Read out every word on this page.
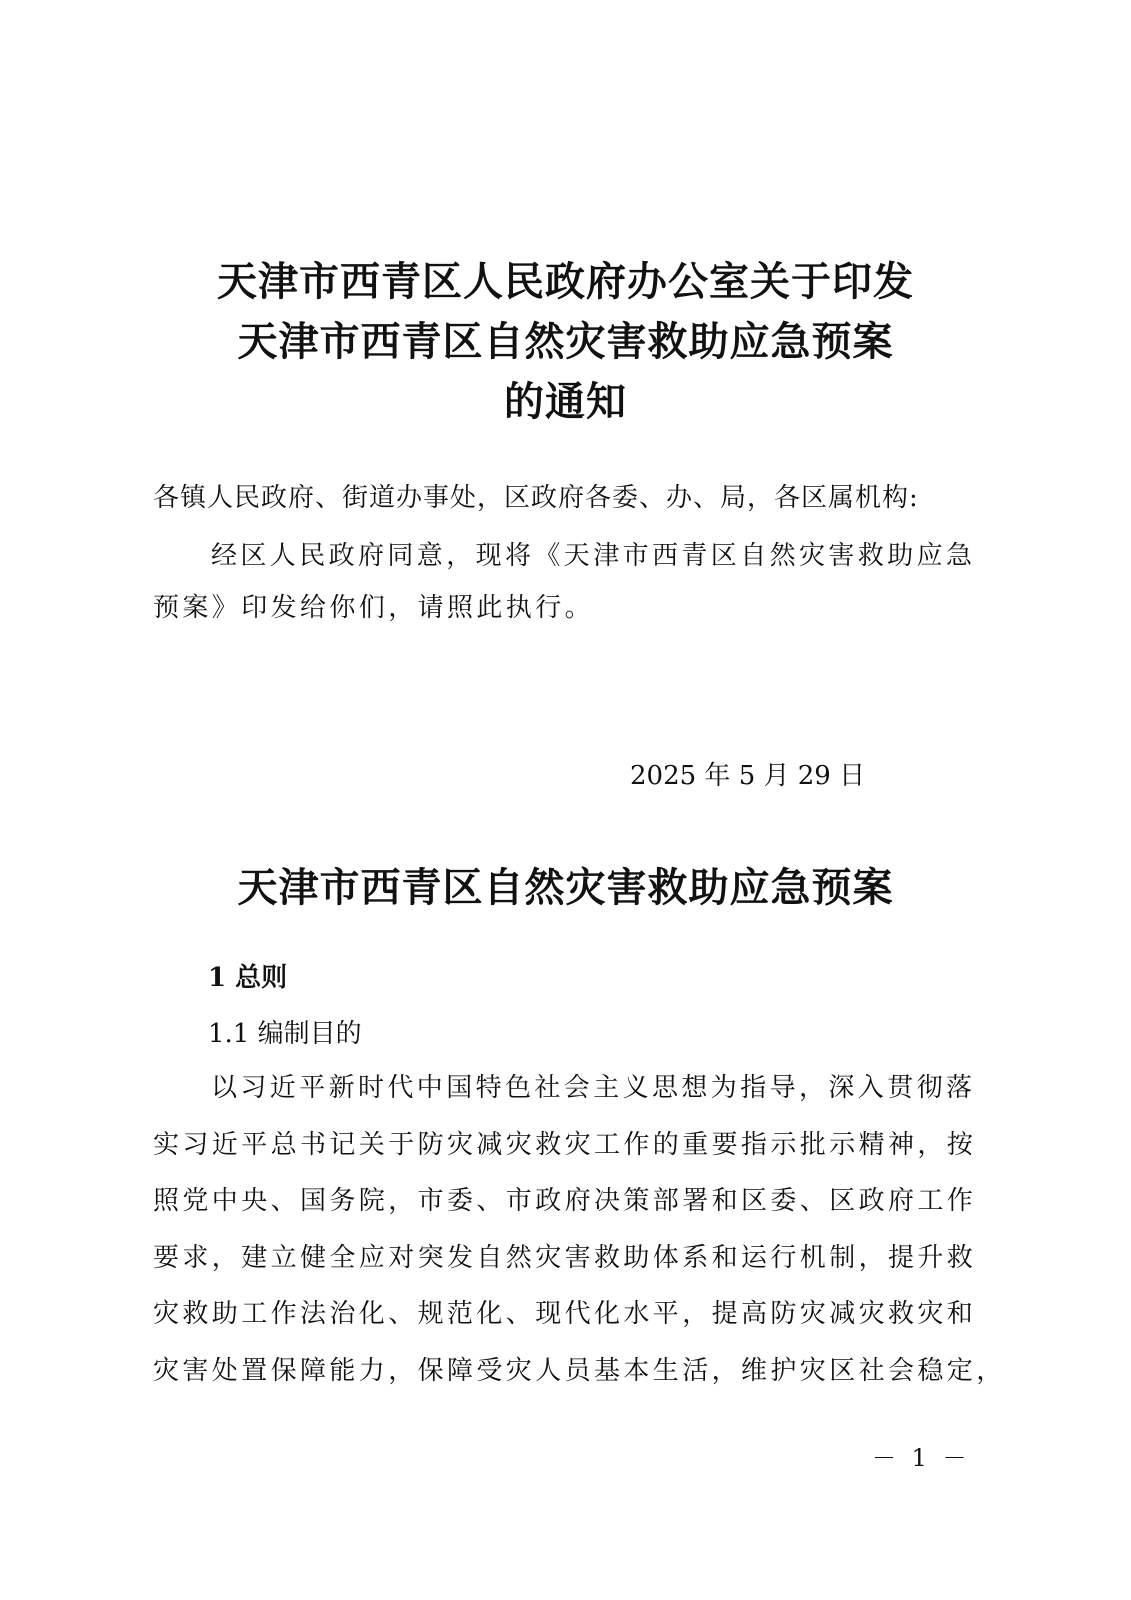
天津市西青区人民政府办公室关于印发
天津市西青区自然灾害救助应急预案
的通知
各镇人民政府、街道办事处，区政府各委、办、局，各区属机构:
经区人民政府同意，现将《天津市西青区自然灾害救助应急
预案》印发给你们，请照此执行。
2025 年 5 月 29 日
天津市西青区自然灾害救助应急预案
1 总则
1.1 编制目的
以习近平新时代中国特色社会主义思想为指导，深入贯彻落
实习近平总书记关于防灾减灾救灾工作的重要指示批示精神，按
照党中央、国务院，市委、市政府决策部署和区委、区政府工作
要求，建立健全应对突发自然灾害救助体系和运行机制，提升救
灾救助工作法治化、规范化、现代化水平，提高防灾减灾救灾和
灾害处置保障能力，保障受灾人员基本生活，维护灾区社会稳定，
－ 1 －
